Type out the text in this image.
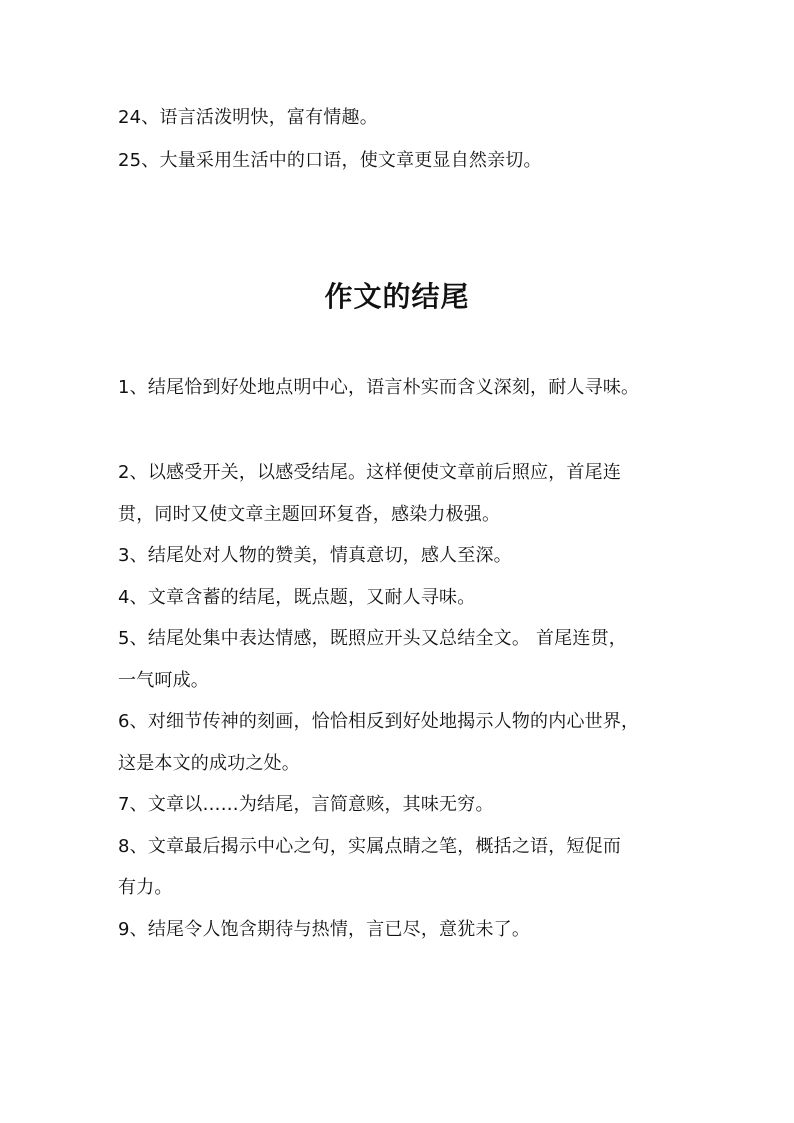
24、语言活泼明快，富有情趣。
25、大量采用生活中的口语，使文章更显自然亲切。
作文的结尾
1、结尾恰到好处地点明中心，语言朴实而含义深刻，耐人寻味。
2、以感受开关，以感受结尾。这样便使文章前后照应，首尾连
贯，同时又使文章主题回环复沓，感染力极强。
3、结尾处对人物的赞美，情真意切，感人至深。
4、文章含蓄的结尾，既点题，又耐人寻味。
5、结尾处集中表达情感，既照应开头又总结全文。 首尾连贯，
一气呵成。
6、对细节传神的刻画，恰恰相反到好处地揭示人物的内心世界，
这是本文的成功之处。
7、文章以……为结尾，言简意赅，其味无穷。
8、文章最后揭示中心之句，实属点睛之笔，概括之语，短促而
有力。
9、结尾令人饱含期待与热情，言已尽，意犹未了。
